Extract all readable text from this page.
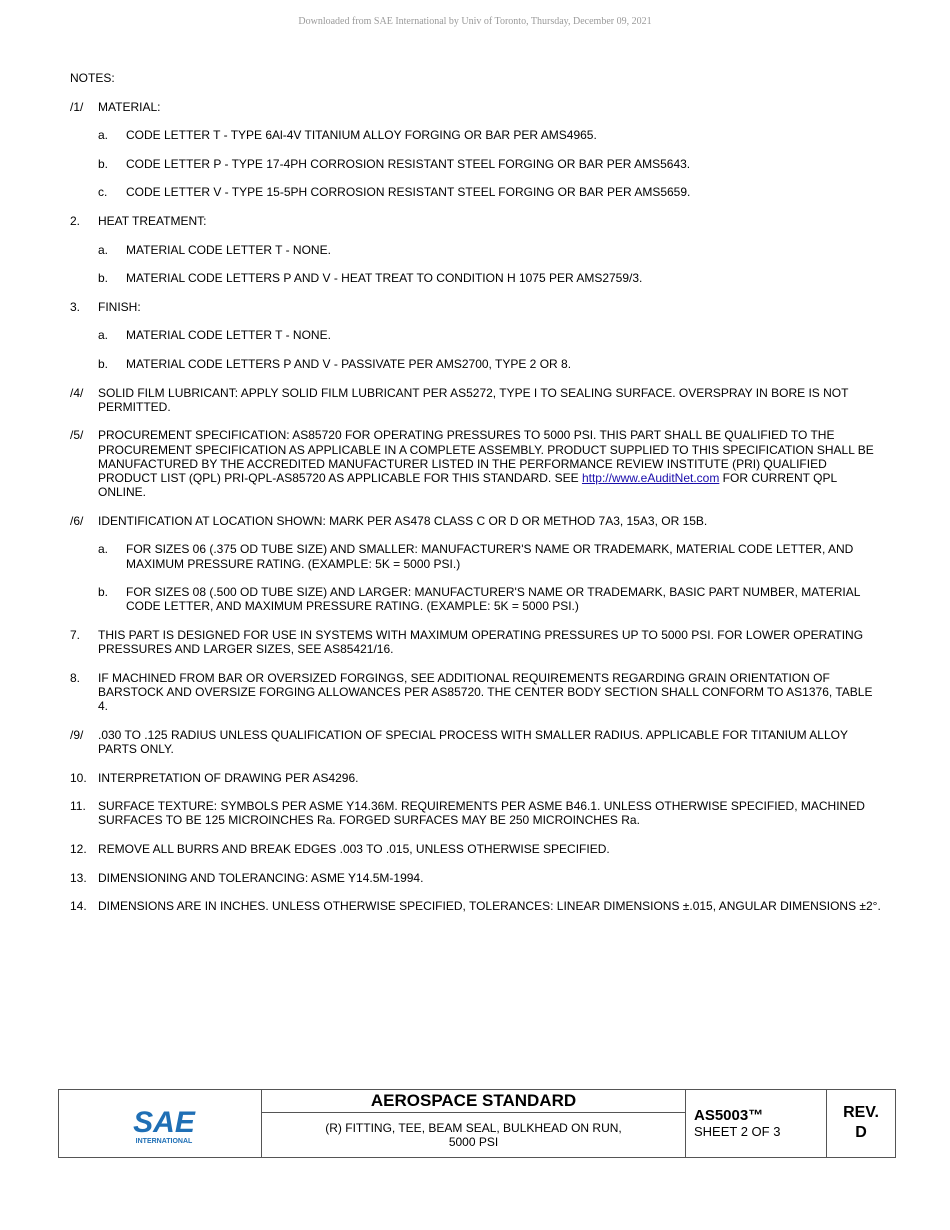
Downloaded from SAE International by Univ of Toronto, Thursday, December 09, 2021
NOTES:
/1/	MATERIAL:
a.	CODE LETTER T - TYPE 6Al-4V TITANIUM ALLOY FORGING OR BAR PER AMS4965.
b.	CODE LETTER P - TYPE 17-4PH CORROSION RESISTANT STEEL FORGING OR BAR PER AMS5643.
c.	CODE LETTER V - TYPE 15-5PH CORROSION RESISTANT STEEL FORGING OR BAR PER AMS5659.
2.	HEAT TREATMENT:
a.	MATERIAL CODE LETTER T - NONE.
b.	MATERIAL CODE LETTERS P AND V - HEAT TREAT TO CONDITION H 1075 PER AMS2759/3.
3.	FINISH:
a.	MATERIAL CODE LETTER T - NONE.
b.	MATERIAL CODE LETTERS P AND V - PASSIVATE PER AMS2700, TYPE 2 OR 8.
/4/	SOLID FILM LUBRICANT: APPLY SOLID FILM LUBRICANT PER AS5272, TYPE I TO SEALING SURFACE. OVERSPRAY IN BORE IS NOT PERMITTED.
/5/	PROCUREMENT SPECIFICATION: AS85720 FOR OPERATING PRESSURES TO 5000 PSI. THIS PART SHALL BE QUALIFIED TO THE PROCUREMENT SPECIFICATION AS APPLICABLE IN A COMPLETE ASSEMBLY. PRODUCT SUPPLIED TO THIS SPECIFICATION SHALL BE MANUFACTURED BY THE ACCREDITED MANUFACTURER LISTED IN THE PERFORMANCE REVIEW INSTITUTE (PRI) QUALIFIED PRODUCT LIST (QPL) PRI-QPL-AS85720 AS APPLICABLE FOR THIS STANDARD. SEE http://www.eAuditNet.com FOR CURRENT QPL ONLINE.
/6/	IDENTIFICATION AT LOCATION SHOWN: MARK PER AS478 CLASS C OR D OR METHOD 7A3, 15A3, OR 15B.
a.	FOR SIZES 06 (.375 OD TUBE SIZE) AND SMALLER: MANUFACTURER'S NAME OR TRADEMARK, MATERIAL CODE LETTER, AND MAXIMUM PRESSURE RATING. (EXAMPLE: 5K = 5000 PSI.)
b.	FOR SIZES 08 (.500 OD TUBE SIZE) AND LARGER: MANUFACTURER'S NAME OR TRADEMARK, BASIC PART NUMBER, MATERIAL CODE LETTER, AND MAXIMUM PRESSURE RATING. (EXAMPLE: 5K = 5000 PSI.)
7.	THIS PART IS DESIGNED FOR USE IN SYSTEMS WITH MAXIMUM OPERATING PRESSURES UP TO 5000 PSI. FOR LOWER OPERATING PRESSURES AND LARGER SIZES, SEE AS85421/16.
8.	IF MACHINED FROM BAR OR OVERSIZED FORGINGS, SEE ADDITIONAL REQUIREMENTS REGARDING GRAIN ORIENTATION OF BARSTOCK AND OVERSIZE FORGING ALLOWANCES PER AS85720. THE CENTER BODY SECTION SHALL CONFORM TO AS1376, TABLE 4.
/9/	.030 TO .125 RADIUS UNLESS QUALIFICATION OF SPECIAL PROCESS WITH SMALLER RADIUS. APPLICABLE FOR TITANIUM ALLOY PARTS ONLY.
10. INTERPRETATION OF DRAWING PER AS4296.
11.	SURFACE TEXTURE: SYMBOLS PER ASME Y14.36M. REQUIREMENTS PER ASME B46.1. UNLESS OTHERWISE SPECIFIED, MACHINED SURFACES TO BE 125 MICROINCHES Ra. FORGED SURFACES MAY BE 250 MICROINCHES Ra.
12. REMOVE ALL BURRS AND BREAK EDGES .003 TO .015, UNLESS OTHERWISE SPECIFIED.
13. DIMENSIONING AND TOLERANCING: ASME Y14.5M-1994.
14. DIMENSIONS ARE IN INCHES. UNLESS OTHERWISE SPECIFIED, TOLERANCES: LINEAR DIMENSIONS ±.015, ANGULAR DIMENSIONS ±2°.
SAE
INTERNATIONAL
AEROSPACE STANDARD
(R) FITTING, TEE, BEAM SEAL, BULKHEAD ON RUN,
5000 PSI
AS5003™
SHEET 2 OF 3
REV.
D
